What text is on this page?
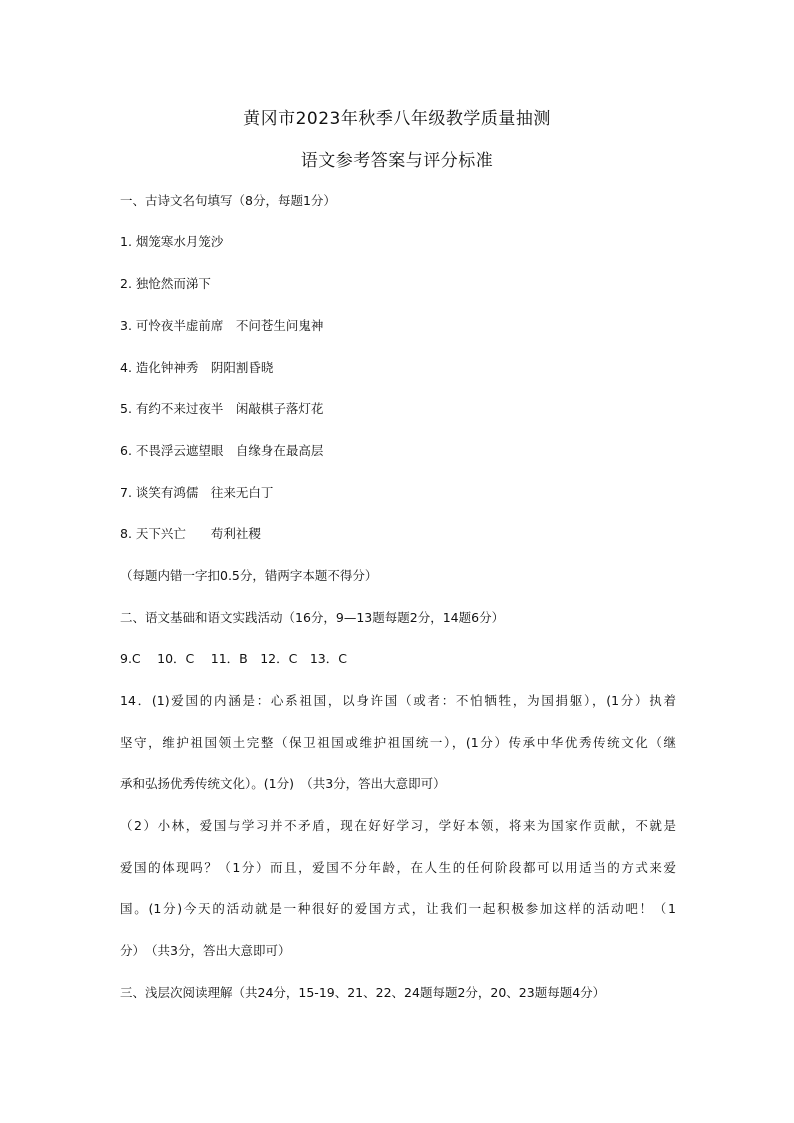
黄冈市2023年秋季八年级教学质量抽测
语文参考答案与评分标准
一、古诗文名句填写（8分，每题1分）
1. 烟笼寒水月笼沙
2. 独怆然而涕下
3. 可怜夜半虚前席　不问苍生问鬼神
4. 造化钟神秀　阴阳割昏晓
5. 有约不来过夜半　闲敲棋子落灯花
6. 不畏浮云遮望眼　自缘身在最高层
7. 谈笑有鸿儒　往来无白丁
8. 天下兴亡　　苟利社稷
（每题内错一字扣0.5分，错两字本题不得分）
二、语文基础和语文实践活动（16分，9—13题每题2分，14题6分）
9.C　 10．C　 11．B　12．C　13．C
14．(1)爱国的内涵是：心系祖国，以身许国（或者：不怕牺牲，为国捐躯），(1分）执着
坚守，维护祖国领土完整（保卫祖国或维护祖国统一），(1分）传承中华优秀传统文化（继
承和弘扬优秀传统文化）。(1分)　（共3分，答出大意即可）
（2）小林，爱国与学习并不矛盾，现在好好学习，学好本领，将来为国家作贡献，不就是
爱国的体现吗？（1分）而且，爱国不分年龄，在人生的任何阶段都可以用适当的方式来爱
国。(1分)今天的活动就是一种很好的爱国方式，让我们一起积极参加这样的活动吧！（1
分）　（共3分，答出大意即可）
三、浅层次阅读理解（共24分，15-19、21、22、24题每题2分，20、23题每题4分）
